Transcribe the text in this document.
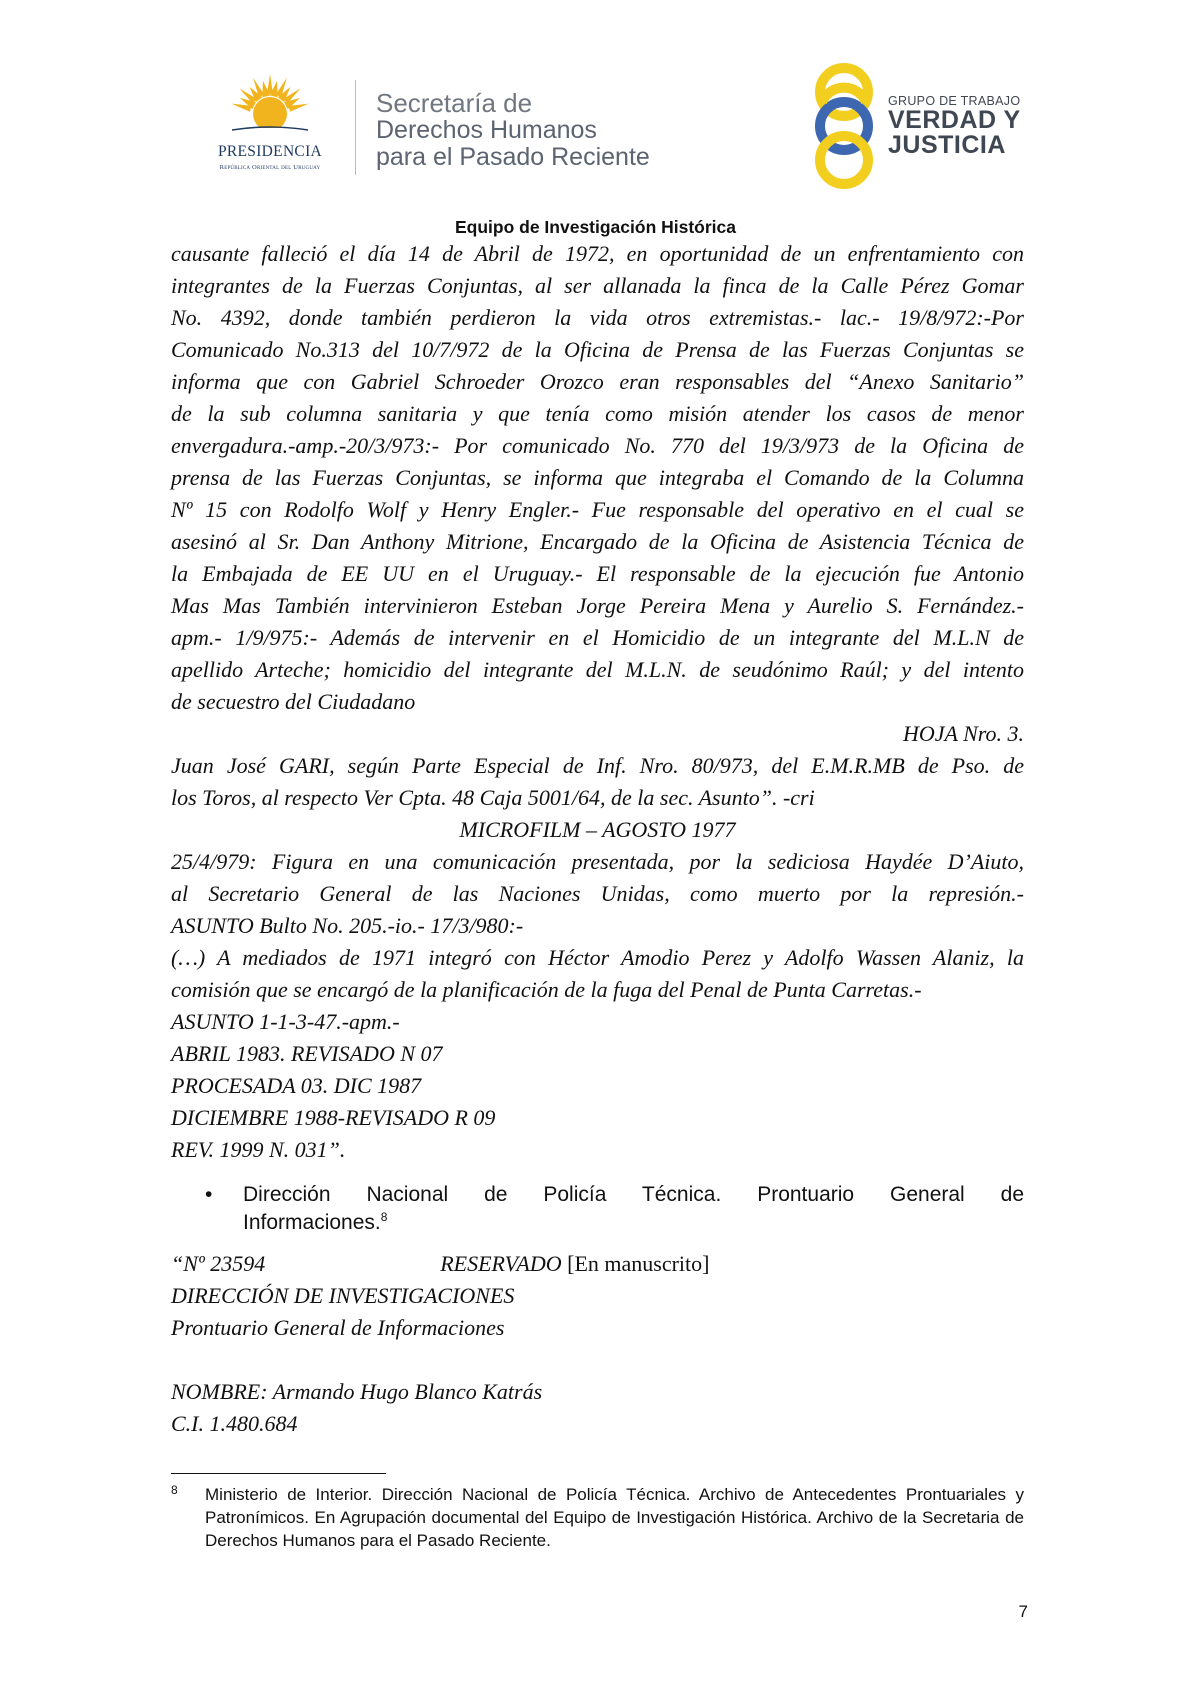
PRESIDENCIA
República Oriental del Uruguay
Secretaría de
Derechos Humanos
para el Pasado Reciente
GRUPO DE TRABAJO
VERDAD Y
JUSTICIA
Equipo de Investigación Histórica
causante falleció el día 14 de Abril de 1972, en oportunidad de un enfrentamiento con
integrantes de la Fuerzas Conjuntas, al ser allanada la finca de la Calle Pérez Gomar
No. 4392, donde también perdieron la vida otros extremistas.- lac.- 19/8/972:-Por
Comunicado No.313 del 10/7/972 de la Oficina de Prensa de las Fuerzas Conjuntas se
informa que con Gabriel Schroeder Orozco eran responsables del “Anexo Sanitario”
de la sub columna sanitaria y que tenía como misión atender los casos de menor
envergadura.-amp.-20/3/973:- Por comunicado No. 770 del 19/3/973 de la Oficina de
prensa de las Fuerzas Conjuntas, se informa que integraba el Comando de la Columna
Nº 15 con Rodolfo Wolf y Henry Engler.- Fue responsable del operativo en el cual se
asesinó al Sr. Dan Anthony Mitrione, Encargado de la Oficina de Asistencia Técnica de
la Embajada de EE UU en el Uruguay.- El responsable de la ejecución fue Antonio
Mas Mas También intervinieron Esteban Jorge Pereira Mena y Aurelio S. Fernández.-
apm.- 1/9/975:- Además de intervenir en el Homicidio de un integrante del M.L.N de
apellido Arteche; homicidio del integrante del M.L.N. de seudónimo Raúl; y del intento
de secuestro del Ciudadano
HOJA Nro. 3.
Juan José GARI, según Parte Especial de Inf. Nro. 80/973, del E.M.R.MB de Pso. de
los Toros, al respecto Ver Cpta. 48 Caja 5001/64, de la sec. Asunto”. -cri
MICROFILM – AGOSTO 1977
25/4/979: Figura en una comunicación presentada, por la sediciosa Haydée D’Aiuto,
al Secretario General de las Naciones Unidas, como muerto por la represión.-
ASUNTO Bulto No. 205.-io.- 17/3/980:-
(…) A mediados de 1971 integró con Héctor Amodio Perez y Adolfo Wassen Alaniz, la
comisión que se encargó de la planificación de la fuga del Penal de Punta Carretas.-
ASUNTO 1-1-3-47.-apm.-
ABRIL 1983. REVISADO N 07
PROCESADA 03. DIC 1987
DICIEMBRE 1988-REVISADO R 09
REV. 1999 N. 031”.
• Dirección Nacional de Policía Técnica. Prontuario General de
Informaciones.$^8$
“Nº 23594	RESERVADO [En manuscrito]
DIRECCIÓN DE INVESTIGACIONES
Prontuario General de Informaciones
NOMBRE: Armando Hugo Blanco Katrás
C.I. 1.480.684
8 Ministerio de Interior. Dirección Nacional de Policía Técnica. Archivo de Antecedentes Prontuariales y Patronímicos. En Agrupación documental del Equipo de Investigación Histórica. Archivo de la Secretaria de Derechos Humanos para el Pasado Reciente.
7
